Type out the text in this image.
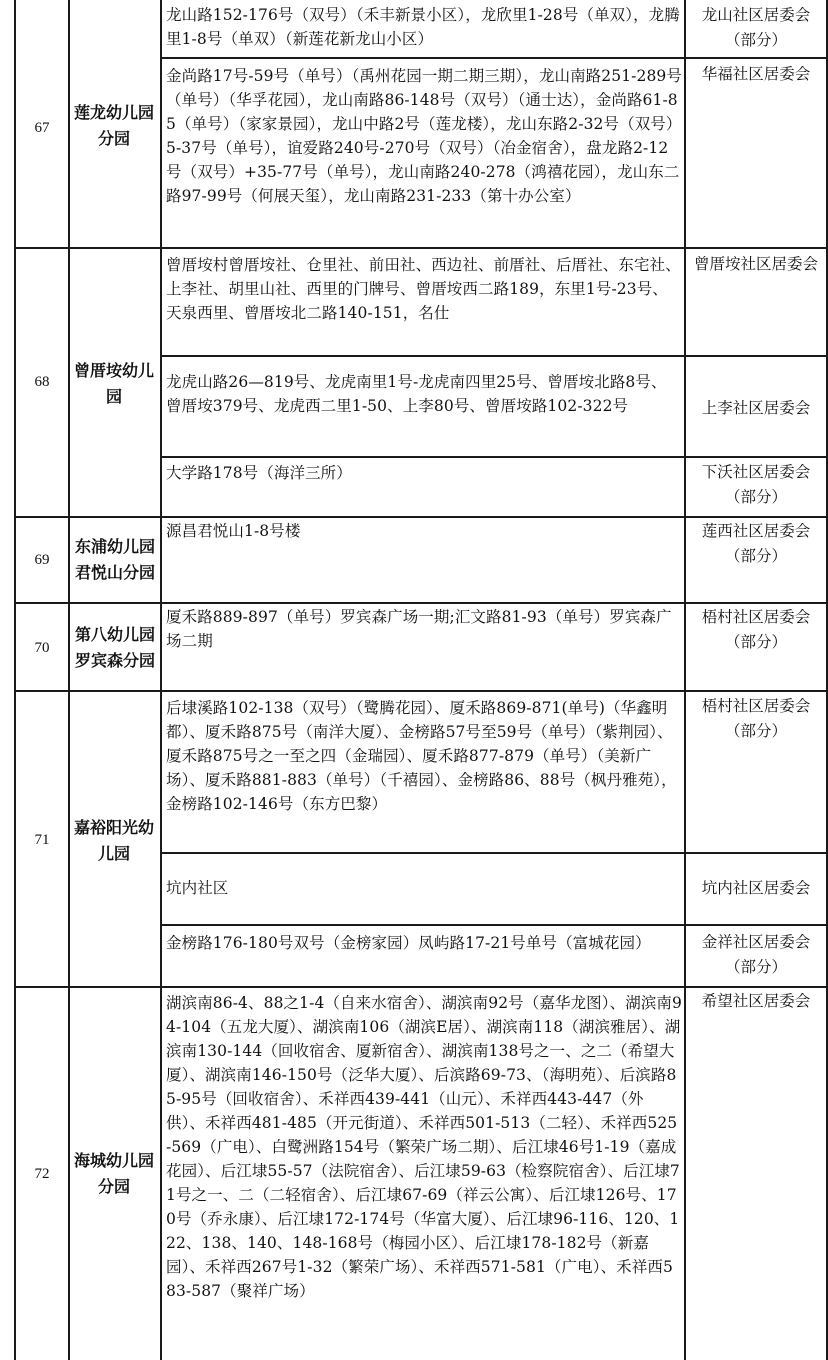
67
莲龙幼儿园分园
龙山路152-176号（双号）（禾丰新景小区），龙欣里1-28号（单双），龙腾里1-8号（单双）（新莲花新龙山小区）
龙山社区居委会（部分）
金尚路17号-59号（单号）（禹州花园一期二期三期），龙山南路251-289号（单号）（华孚花园），龙山南路86-148号（双号）（通士达），金尚路61-85（单号）（家家景园），龙山中路2号（莲龙楼），龙山东路2-32号（双号）5-37号（单号），谊爱路240号-270号（双号）（冶金宿舍），盘龙路2-12号（双号）+35-77号（单号），龙山南路240-278（鸿禧花园），龙山东二路97-99号（何展天玺），龙山南路231-233（第十办公室）
华福社区居委会
68
曾厝垵幼儿园
曾厝垵村曾厝垵社、仓里社、前田社、西边社、前厝社、后厝社、东宅社、上李社、胡里山社、西里的门牌号、曾厝垵西二路189，东里1号-23号、天泉西里、曾厝垵北二路140-151，名仕
曾厝垵社区居委会
龙虎山路26—819号、龙虎南里1号-龙虎南四里25号、曾厝垵北路8号、曾厝垵379号、龙虎西二里1-50、上李80号、曾厝垵路102-322号	上李社区居委会
大学路178号（海洋三所）	下沃社区居委会（部分）
69
东浦幼儿园君悦山分园
源昌君悦山1-8号楼	莲西社区居委会（部分）
70
第八幼儿园罗宾森分园
厦禾路889-897（单号）罗宾森广场一期;汇文路81-93（单号）罗宾森广场二期
梧村社区居委会（部分）
71
嘉裕阳光幼儿园
后埭溪路102-138（双号）（鹭腾花园）、厦禾路869-871(单号)（华鑫明都）、厦禾路875号（南洋大厦）、金榜路57号至59号（单号）（紫荆园）、厦禾路875号之一至之四（金瑞园）、厦禾路877-879（单号）（美新广场）、厦禾路881-883（单号）（千禧园）、金榜路86、88号（枫丹雅苑），金榜路102-146号（东方巴黎）
梧村社区居委会（部分）
坑内社区	坑内社区居委会
金榜路176-180号双号（金榜家园）凤屿路17-21号单号（富城花园）	金祥社区居委会（部分）
72
海城幼儿园分园
湖滨南86-4、88之1-4（自来水宿舍）、湖滨南92号（嘉华龙图）、湖滨南94-104（五龙大厦）、湖滨南106（湖滨E居）、湖滨南118（湖滨雅居）、湖滨南130-144（回收宿舍、厦新宿舍）、湖滨南138号之一、之二（希望大厦）、湖滨南146-150号（泛华大厦）、后滨路69-73、（海明苑）、后滨路85-95号（回收宿舍）、禾祥西439-441（山元）、禾祥西443-447（外供）、禾祥西481-485（开元街道）、禾祥西501-513（二轻）、禾祥西525-569（广电）、白鹭洲路154号（繁荣广场二期）、后江埭46号1-19（嘉成花园）、后江埭55-57（法院宿舍）、后江埭59-63（检察院宿舍）、后江埭71号之一、二（二轻宿舍）、后江埭67-69（祥云公寓）、后江埭126号、170号（乔永康）、后江埭172-174号（华富大厦）、后江埭96-116、120、122、138、140、148-168号（梅园小区）、后江埭178-182号（新嘉园）、禾祥西267号1-32（繁荣广场）、禾祥西571-581（广电）、禾祥西583-587（聚祥广场）
希望社区居委会
